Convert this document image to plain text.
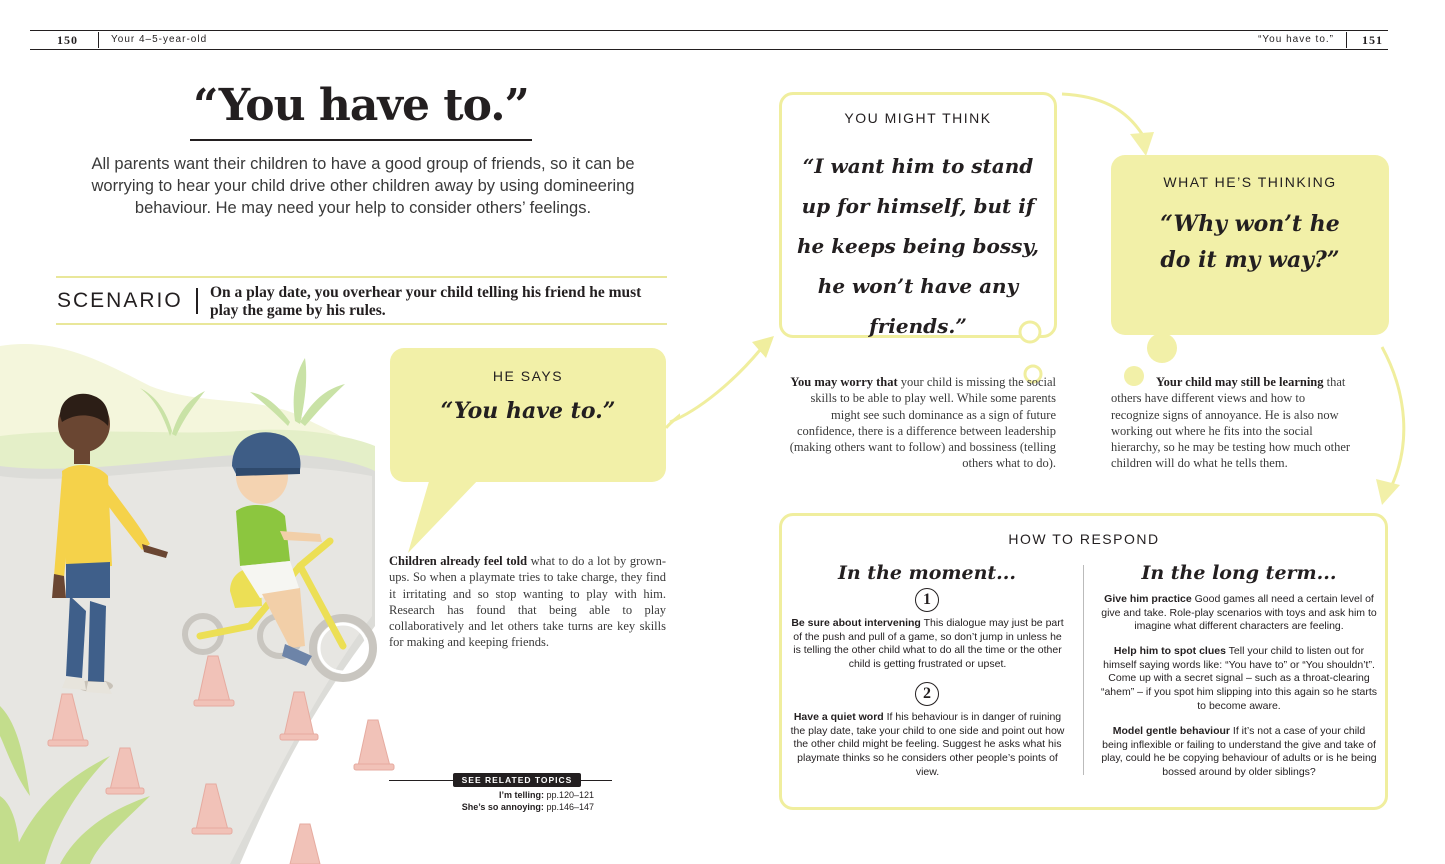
150	Your 4–5-year-old	“You have to.” 151
“You have to.”
All parents want their children to have a good group of friends, so it can be worrying to hear your child drive other children away by using domineering behaviour. He may need your help to consider others’ feelings.
SCENARIO On a play date, you overhear your child telling his friend he must play the game by his rules.
HE SAYS
“You have to.”
Children already feel told what to do a lot by grown-ups. So when a playmate tries to take charge, they find it irritating and so stop wanting to play with him. Research has found that being able to play collaboratively and let others take turns are key skills for making and keeping friends.
YOU MIGHT THINK
“I want him to stand up for himself, but if he keeps being bossy, he won’t have any friends.”
You may worry that your child is missing the social skills to be able to play well. While some parents might see such dominance as a sign of future confidence, there is a difference between leadership (making others want to follow) and bossiness (telling others what to do).
WHAT HE’S THINKING
“Why won’t he do it my way?”
Your child may still be learning that others have different views and how to recognize signs of annoyance. He is also now working out where he fits into the social hierarchy, so he may be testing how much other children will do what he tells them.
HOW TO RESPOND
In the moment...
1
Be sure about intervening This dialogue may just be part of the push and pull of a game, so don’t jump in unless he is telling the other child what to do all the time or the other child is getting frustrated or upset.
2
Have a quiet word If his behaviour is in danger of ruining the play date, take your child to one side and point out how the other child might be feeling. Suggest he asks what his playmate thinks so he considers other people’s points of view.
In the long term...
Give him practice Good games all need a certain level of give and take. Role-play scenarios with toys and ask him to imagine what different characters are feeling.
Help him to spot clues Tell your child to listen out for himself saying words like: “You have to” or “You shouldn’t”. Come up with a secret signal – such as a throat-clearing “ahem” – if you spot him slipping into this again so he starts to become aware.
Model gentle behaviour If it’s not a case of your child being inflexible or failing to understand the give and take of play, could he be copying behaviour of adults or is he being bossed around by older siblings?
SEE RELATED TOPICS
I’m telling: pp.120–121
She’s so annoying: pp.146–147
